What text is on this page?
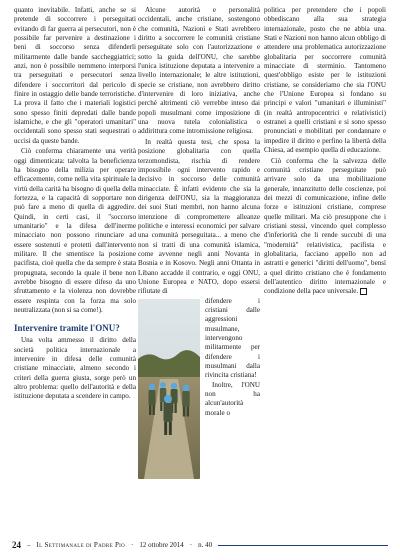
quanto inevitabile. Infatti, anche se si pretende di soccorrere i perseguitati evitando di far guerra ai persecutori, non è possibile far pervenire a destinazione i beni di soccorso senza difenderli militarmente dalle bande saccheggiatrici; anzi, non è possibile nemmeno interporsi tra perseguitati e persecutori senza difendere i soccorritori dal pericolo di finire in ostaggio delle bande terroristiche. La prova il fatto che i materiali logistici sono spesso finiti depredati dalle bande islamiche, e che gli "operatori umanitari" occidentali sono spesso stati sequestrati o uccisi da queste bande.

Ciò conferma chiaramente una verità oggi dimenticata: talvolta la beneficienza ha bisogno della milizia per operare efficacemente, come nella vita spirituale la virtù della carità ha bisogno di quella della fortezza, e la capacità di sopportare non può fare a meno di quella di aggredire. Quindi, in certi casi, il "soccorso umanitario" e la difesa dell'inerme minacciato non possono rinunciare ad essere sostenuti e protetti dall'intervento militare. Il che smentisce la posizione pacifista, cioè quella che da sempre è stata propugnata, secondo la quale il bene non avrebbe bisogno di essere difeso da uno sfruttamento e la violenza non dovrebbe essere respinta con la forza ma solo neutralizzata (non si sa come!).

Intervenire tramite l'ONU?

Una volta ammesso il diritto della società politica internazionale a intervenire in difesa delle comunità cristiane minacciate, almeno secondo i criteri della guerra giusta, sorge però un altro problema: quello dell'autorità e della istituzione deputata a scendere in campo.

Alcune autorità e personalità occidentali, anche cristiane, sostengono che comunità, Nazioni e Stati avrebbero diritto a soccorrere le comunità cristiane perseguitate solo con l'autorizzazione e sotto la guida dell'ONU, che sarebbe l'unica istituzione deputata a intervenire a livello internazionale; le altre istituzioni, specie se cristiane, non avrebbero diritto d'intervenire di loro iniziativa, anche perché altrimenti ciò verrebbe inteso dai popoli musulmani come imposizione di una nuova tutela colonialistica o addirittura come intromissione religiosa.

In realtà questa tesi, che sposa la posizione globalitaria con quella terzomondista, rischia di rendere impossibile ogni intervento rapido e decisivo in soccorso delle comunità minacciate. È infatti evidente che sia la dirigenza dell'ONU, sia la maggioranza dei suoi Stati membri, non hanno alcuna intenzione di compromettere alleanze politiche e interessi economici per salvare una comunità perseguitata... a meno che non si tratti di una comunità islamica, come avvenne negli anni Novanta in Bosnia e in Kosovo. Negli anni Ottanta in Libano accadde il contrario, e oggi ONU, Unione Europea e NATO, dopo essersi rifiutate di

difendere i cristiani dalle aggressioni musulmane, intervengono militarmente per difendere i musulmani dalla rivincita cristiana!

Inoltre, l'ONU non ha alcun'autorità morale o

politica per pretendere che i popoli obbediscano alla sua strategia internazionale, posto che ne abbia una. Stati e Nazioni non hanno alcun obbligo di attendere una problematica autorizzazione globalitaria per soccorrere comunità minacciate di sterminio. Tantomeno quest'obbligo esiste per le istituzioni cristiane, se consideriamo che sia l'ONU che l'Unione Europea si fondano su principi e valori "umanitari e illuministi" (in realtà antropocentrici e relativistici) estranei a quelli cristiani e si sono spesso pronunciati e mobilitati per condannare e impedire il diritto e perfino la libertà della Chiesa, ad esempio quella di educazione.

Ciò conferma che la salvezza delle comunità cristiane perseguitate può arrivare solo da una mobilitazione generale, innanzitutto delle coscienze, poi dei mezzi di comunicazione, infine delle forze e istituzioni cristiane, comprese quelle militari. Ma ciò presuppone che i cristiani stessi, vincendo quel complesso d'inferiorità che li rende succubi di una "modernità" relativistica, pacifista e globalitaria, facciano appello non ad astratti e generici "diritti dell'uomo", bensì a quel diritto cristiano che è fondamento dell'autentico diritto internazionale e condizione della pace universale.

24 – Il Settimanale di Padre Pio · 12 ottobre 2014 · n. 40
